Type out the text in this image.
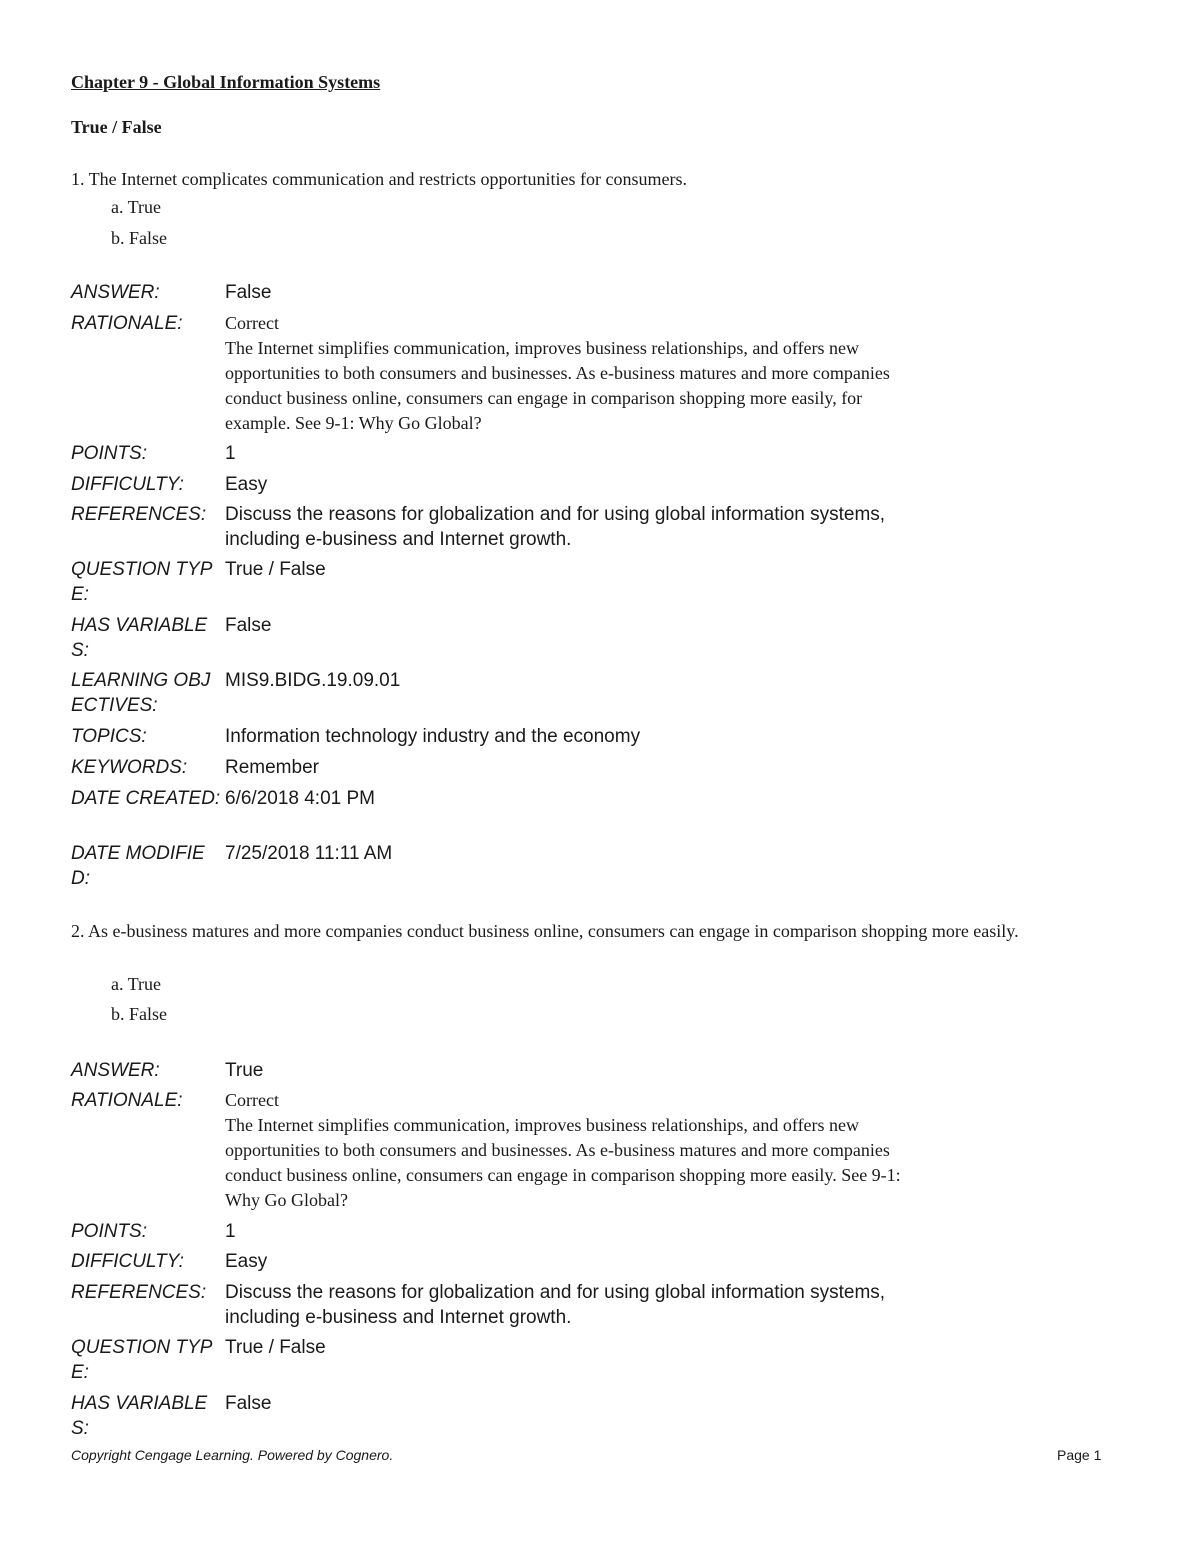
Chapter 9 - Global Information Systems
True / False
1. The Internet complicates communication and restricts opportunities for consumers.
a. True
b. False
ANSWER:	False
RATIONALE:	Correct
The Internet simplifies communication, improves business relationships, and offers new opportunities to both consumers and businesses. As e-business matures and more companies conduct business online, consumers can engage in comparison shopping more easily, for example. See 9-1: Why Go Global?
POINTS:	1
DIFFICULTY:	Easy
REFERENCES: Discuss the reasons for globalization and for using global information systems, including e-business and Internet growth.
QUESTION TYPE:
True / False
HAS VARIABLES:
False
LEARNING OBJECTIVES:
MIS9.BIDG.19.09.01
TOPICS:	Information technology industry and the economy
KEYWORDS:	Remember
DATE CREATED: 6/6/2018 4:01 PM
DATE MODIFIED:
7/25/2018 11:11 AM
2. As e-business matures and more companies conduct business online, consumers can engage in comparison shopping more easily.
a. True
b. False
ANSWER:	True
RATIONALE:	Correct
The Internet simplifies communication, improves business relationships, and offers new opportunities to both consumers and businesses. As e-business matures and more companies conduct business online, consumers can engage in comparison shopping more easily. See 9-1: Why Go Global?
POINTS:	1
DIFFICULTY:	Easy
REFERENCES: Discuss the reasons for globalization and for using global information systems, including e-business and Internet growth.
QUESTION TYPE:
True / False
HAS VARIABLES:
False
Copyright Cengage Learning. Powered by Cognero.	Page 1
